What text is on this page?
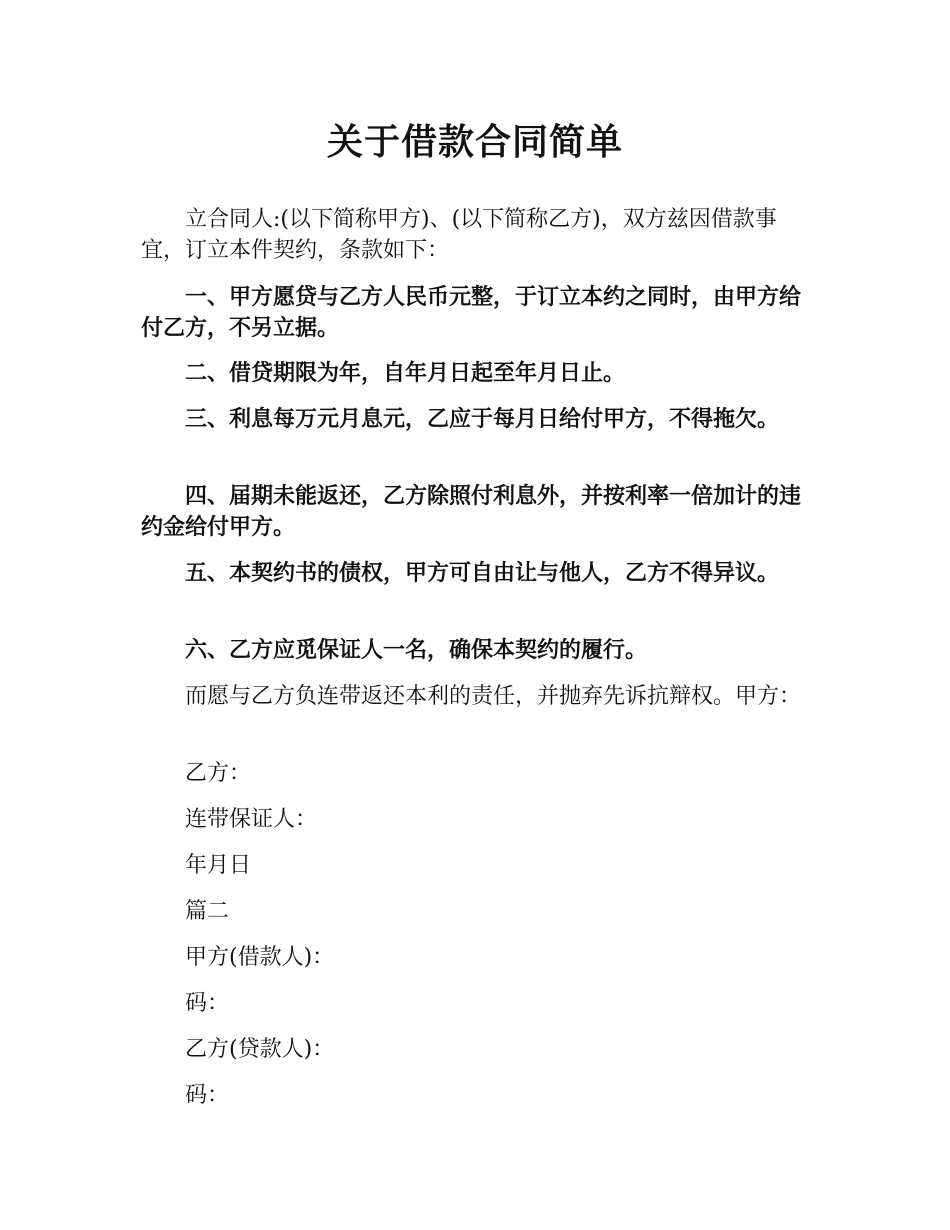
关于借款合同简单

立合同人:(以下简称甲方)、(以下简称乙方)，双方兹因借款事宜，订立本件契约，条款如下：

一、甲方愿贷与乙方人民币元整，于订立本约之同时，由甲方给付乙方，不另立据。

二、借贷期限为年，自年月日起至年月日止。

三、利息每万元月息元，乙应于每月日给付甲方，不得拖欠。

四、届期未能返还，乙方除照付利息外，并按利率一倍加计的违约金给付甲方。

五、本契约书的债权，甲方可自由让与他人，乙方不得异议。

六、乙方应觅保证人一名，确保本契约的履行。

而愿与乙方负连带返还本利的责任，并抛弃先诉抗辩权。甲方：

乙方：

连带保证人：

年月日

篇二

甲方(借款人)：

码：

乙方(贷款人)：

码：
